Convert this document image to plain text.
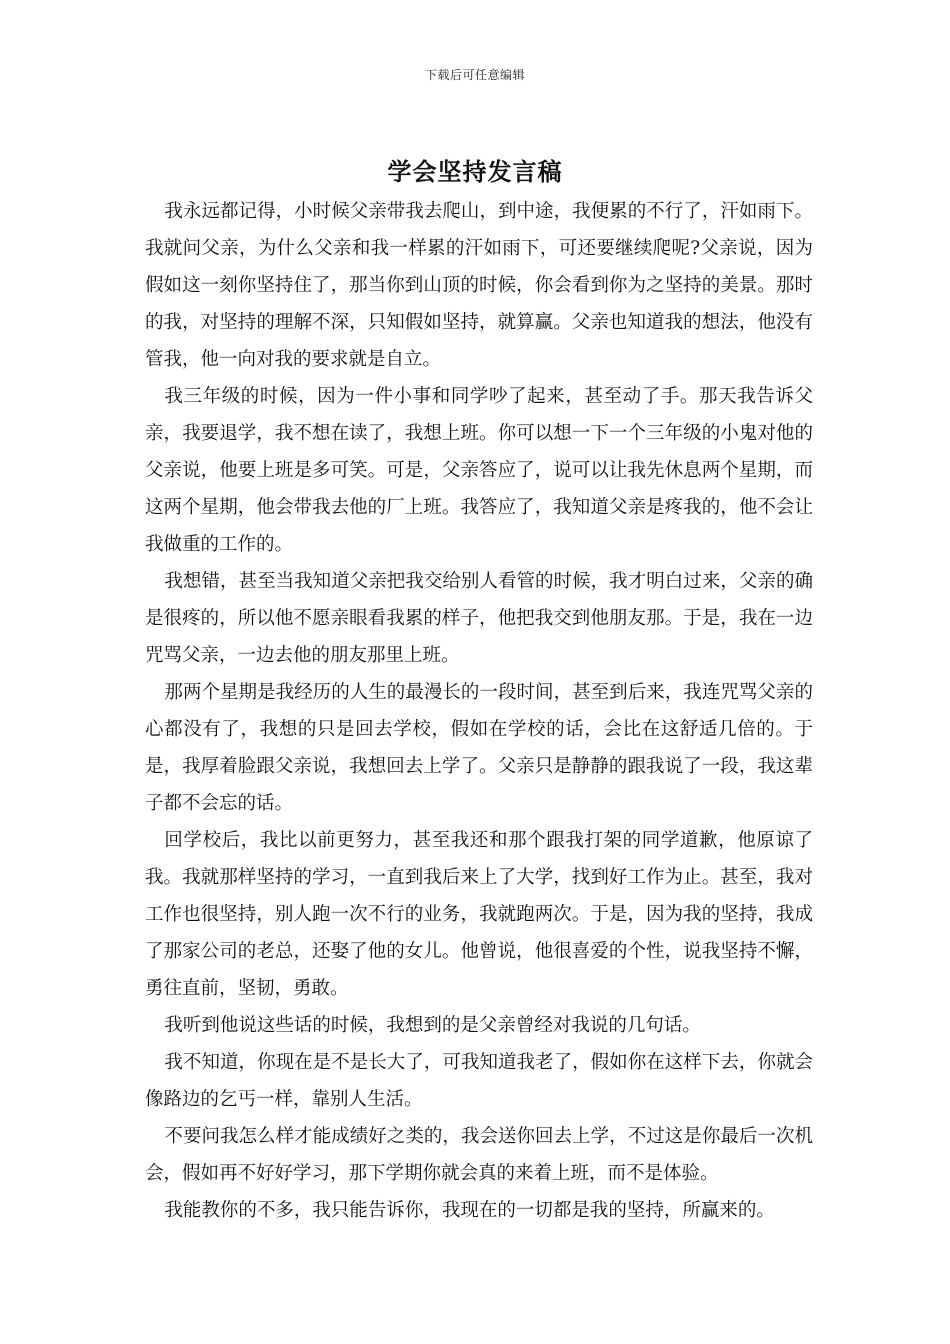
下载后可任意编辑
学会坚持发言稿

我永远都记得，小时候父亲带我去爬山，到中途，我便累的不行了，汗如雨下。我就问父亲，为什么父亲和我一样累的汗如雨下，可还要继续爬呢?父亲说，因为假如这一刻你坚持住了，那当你到山顶的时候，你会看到你为之坚持的美景。那时的我，对坚持的理解不深，只知假如坚持，就算赢。父亲也知道我的想法，他没有管我，他一向对我的要求就是自立。

我三年级的时候，因为一件小事和同学吵了起来，甚至动了手。那天我告诉父亲，我要退学，我不想在读了，我想上班。你可以想一下一个三年级的小鬼对他的父亲说，他要上班是多可笑。可是，父亲答应了，说可以让我先休息两个星期，而这两个星期，他会带我去他的厂上班。我答应了，我知道父亲是疼我的，他不会让我做重的工作的。

我想错，甚至当我知道父亲把我交给别人看管的时候，我才明白过来，父亲的确是很疼的，所以他不愿亲眼看我累的样子，他把我交到他朋友那。于是，我在一边咒骂父亲，一边去他的朋友那里上班。

那两个星期是我经历的人生的最漫长的一段时间，甚至到后来，我连咒骂父亲的心都没有了，我想的只是回去学校，假如在学校的话，会比在这舒适几倍的。于是，我厚着脸跟父亲说，我想回去上学了。父亲只是静静的跟我说了一段，我这辈子都不会忘的话。

回学校后，我比以前更努力，甚至我还和那个跟我打架的同学道歉，他原谅了我。我就那样坚持的学习，一直到我后来上了大学，找到好工作为止。甚至，我对工作也很坚持，别人跑一次不行的业务，我就跑两次。于是，因为我的坚持，我成了那家公司的老总，还娶了他的女儿。他曾说，他很喜爱的个性，说我坚持不懈，勇往直前，坚韧，勇敢。

我听到他说这些话的时候，我想到的是父亲曾经对我说的几句话。

我不知道，你现在是不是长大了，可我知道我老了，假如你在这样下去，你就会像路边的乞丐一样，靠别人生活。

不要问我怎么样才能成绩好之类的，我会送你回去上学，不过这是你最后一次机会，假如再不好好学习，那下学期你就会真的来着上班，而不是体验。

我能教你的不多，我只能告诉你，我现在的一切都是我的坚持，所赢来的。
